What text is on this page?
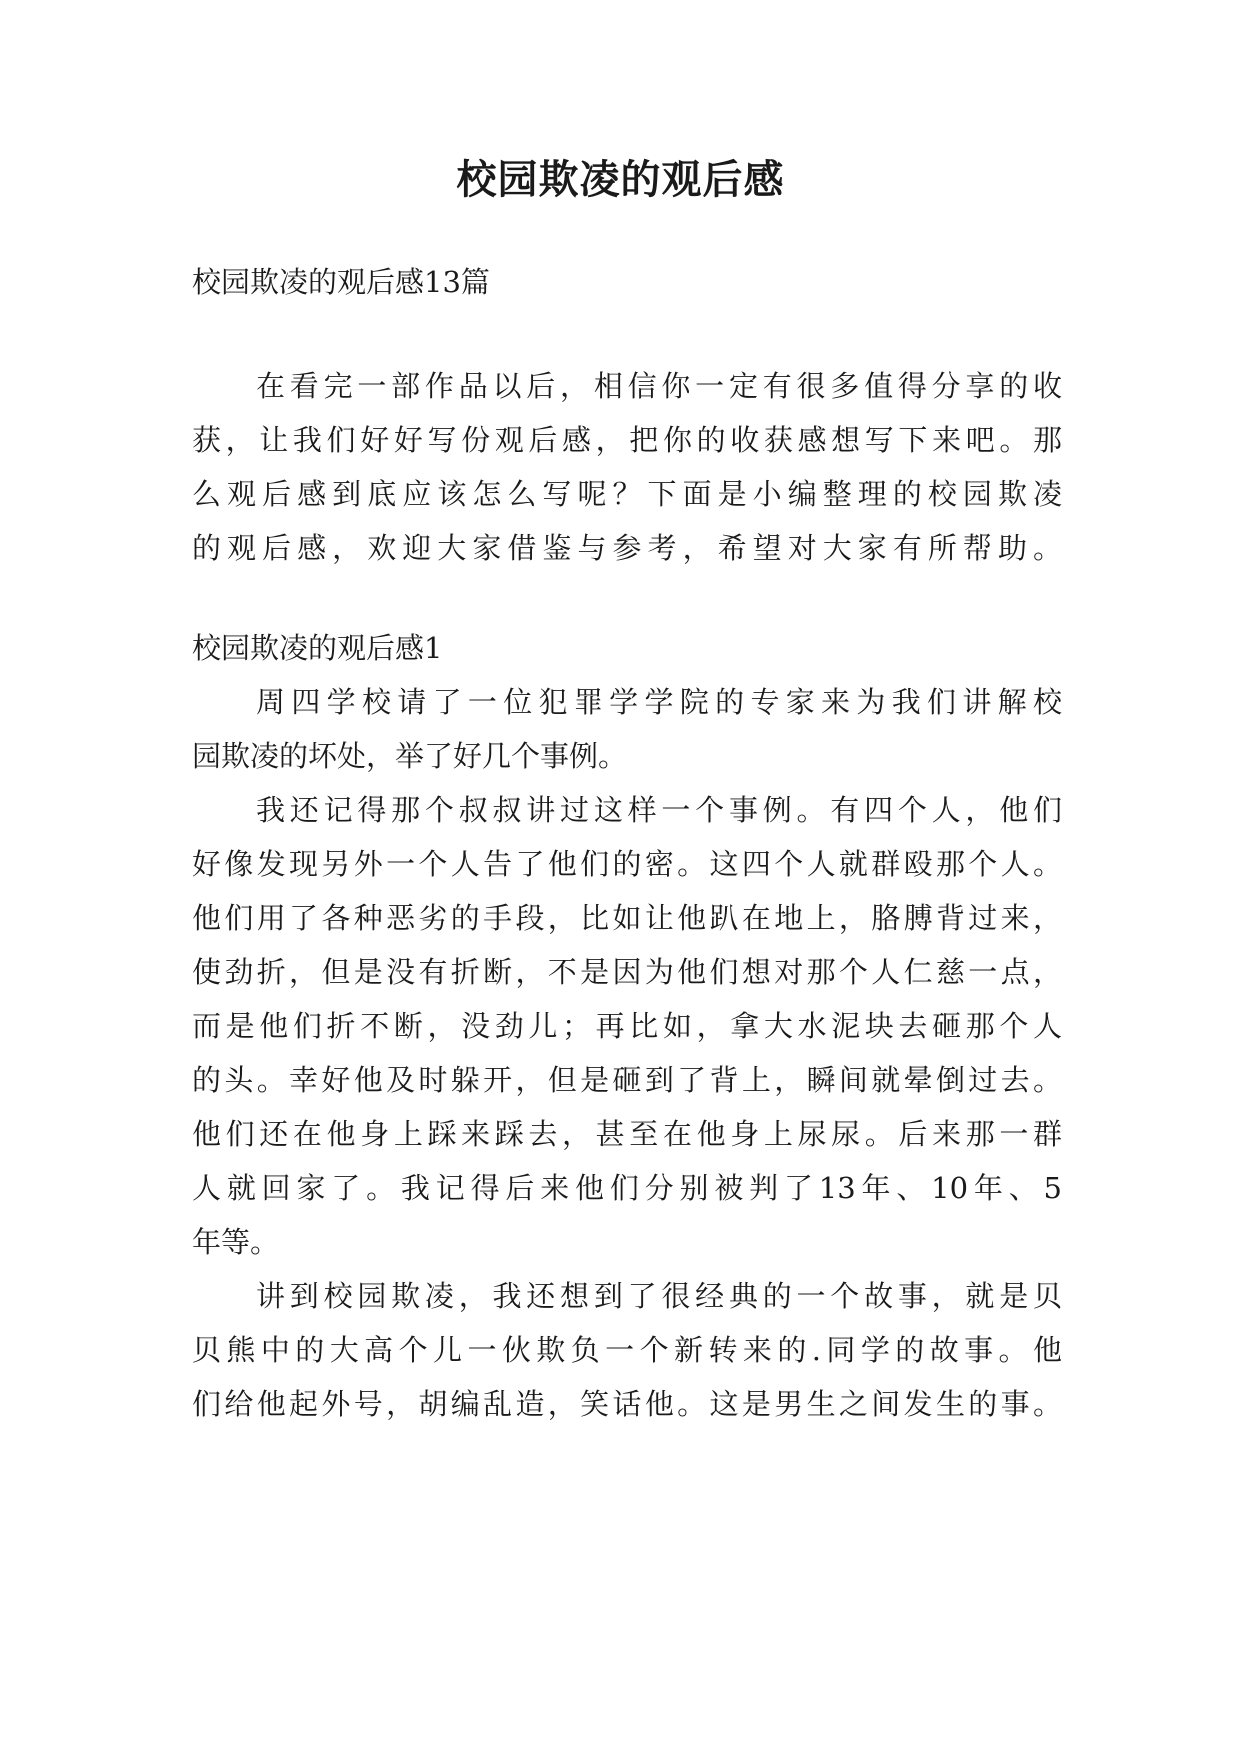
校园欺凌的观后感

校园欺凌的观后感13篇

在看完一部作品以后，相信你一定有很多值得分享的收

获，让我们好好写份观后感，把你的收获感想写下来吧。那

么观后感到底应该怎么写呢？下面是小编整理的校园欺凌

的观后感，欢迎大家借鉴与参考，希望对大家有所帮助。

校园欺凌的观后感1

周四学校请了一位犯罪学学院的专家来为我们讲解校

园欺凌的坏处，举了好几个事例。

我还记得那个叔叔讲过这样一个事例。有四个人，他们

好像发现另外一个人告了他们的密。这四个人就群殴那个人。

他们用了各种恶劣的手段，比如让他趴在地上，胳膊背过来，

使劲折，但是没有折断，不是因为他们想对那个人仁慈一点，

而是他们折不断，没劲儿；再比如，拿大水泥块去砸那个人

的头。幸好他及时躲开，但是砸到了背上，瞬间就晕倒过去。

他们还在他身上踩来踩去，甚至在他身上尿尿。后来那一群

人就回家了。我记得后来他们分别被判了13年、10年、5

年等。

讲到校园欺凌，我还想到了很经典的一个故事，就是贝

贝熊中的大高个儿一伙欺负一个新转来的.同学的故事。他

们给他起外号，胡编乱造，笑话他。这是男生之间发生的事。
